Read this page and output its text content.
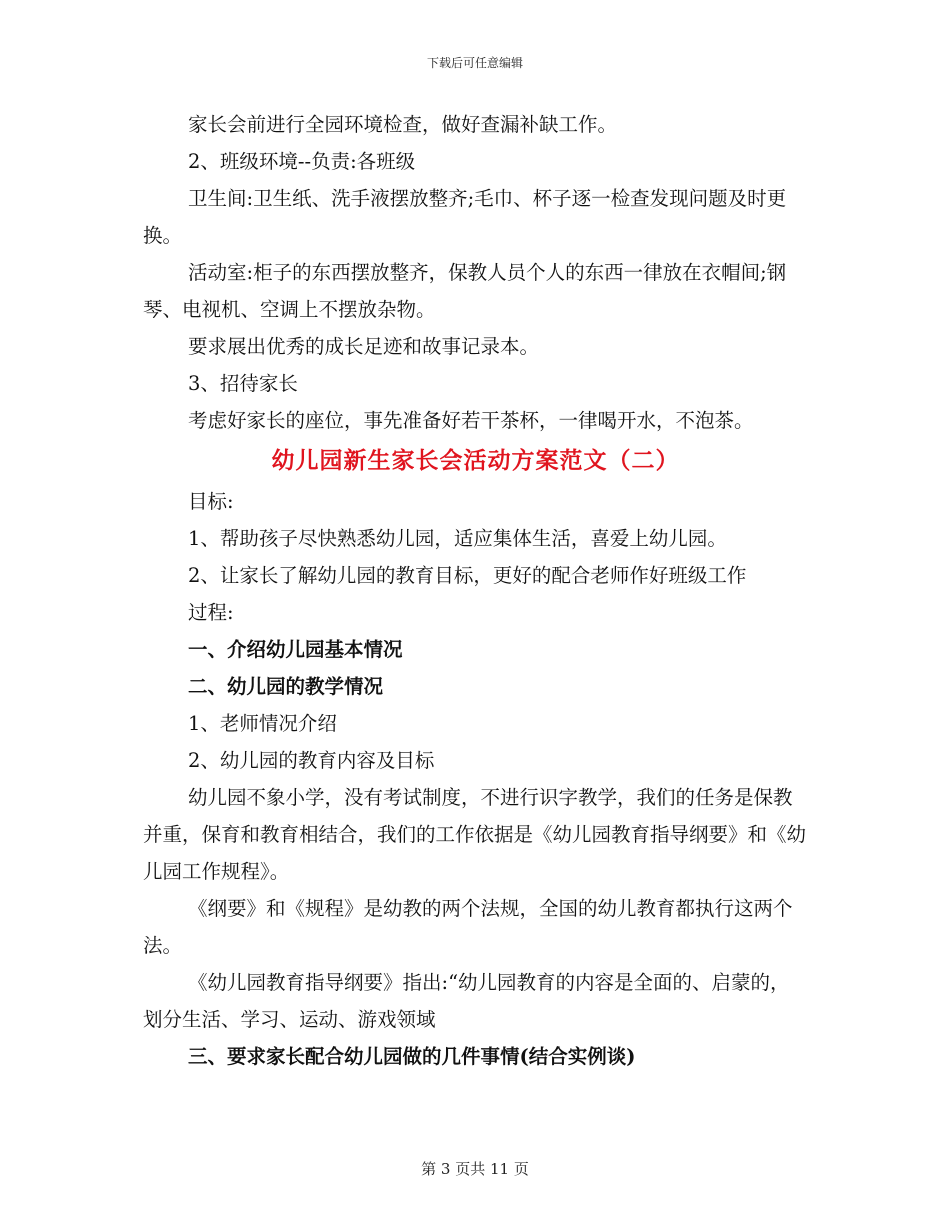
下载后可任意编辑

家长会前进行全园环境检查，做好查漏补缺工作。

2、班级环境--负责:各班级

卫生间:卫生纸、洗手液摆放整齐;毛巾、杯子逐一检查发现问题及时更换。

活动室:柜子的东西摆放整齐，保教人员个人的东西一律放在衣帽间;钢琴、电视机、空调上不摆放杂物。

要求展出优秀的成长足迹和故事记录本。

3、招待家长

考虑好家长的座位，事先准备好若干茶杯，一律喝开水，不泡茶。

幼儿园新生家长会活动方案范文（二）

目标:

1、帮助孩子尽快熟悉幼儿园，适应集体生活，喜爱上幼儿园。

2、让家长了解幼儿园的教育目标，更好的配合老师作好班级工作

过程:

一、介绍幼儿园基本情况

二、幼儿园的教学情况

1、老师情况介绍

2、幼儿园的教育内容及目标

幼儿园不象小学，没有考试制度，不进行识字教学，我们的任务是保教并重，保育和教育相结合，我们的工作依据是《幼儿园教育指导纲要》和《幼儿园工作规程》。

《纲要》和《规程》是幼教的两个法规，全国的幼儿教育都执行这两个法。

《幼儿园教育指导纲要》指出:“幼儿园教育的内容是全面的、启蒙的，划分生活、学习、运动、游戏领域

三、要求家长配合幼儿园做的几件事情(结合实例谈)

第 3 页共 11 页
